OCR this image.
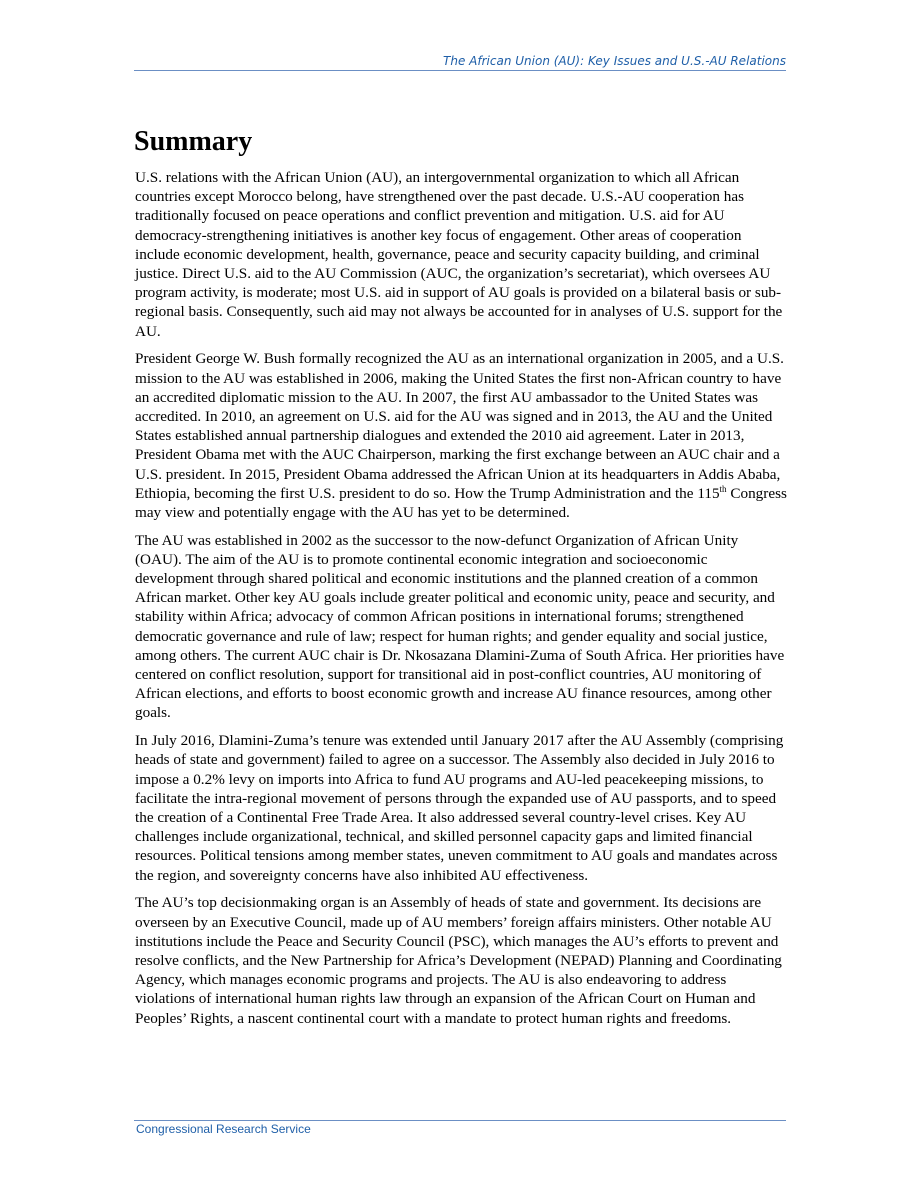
The African Union (AU): Key Issues and U.S.-AU Relations
Summary

U.S. relations with the African Union (AU), an intergovernmental organization to which all African countries except Morocco belong, have strengthened over the past decade. U.S.-AU cooperation has traditionally focused on peace operations and conflict prevention and mitigation. U.S. aid for AU democracy-strengthening initiatives is another key focus of engagement. Other areas of cooperation include economic development, health, governance, peace and security capacity building, and criminal justice. Direct U.S. aid to the AU Commission (AUC, the organization’s secretariat), which oversees AU program activity, is moderate; most U.S. aid in support of AU goals is provided on a bilateral basis or sub-regional basis. Consequently, such aid may not always be accounted for in analyses of U.S. support for the AU.

President George W. Bush formally recognized the AU as an international organization in 2005, and a U.S. mission to the AU was established in 2006, making the United States the first non-African country to have an accredited diplomatic mission to the AU. In 2007, the first AU ambassador to the United States was accredited. In 2010, an agreement on U.S. aid for the AU was signed and in 2013, the AU and the United States established annual partnership dialogues and extended the 2010 aid agreement. Later in 2013, President Obama met with the AUC Chairperson, marking the first exchange between an AUC chair and a U.S. president. In 2015, President Obama addressed the African Union at its headquarters in Addis Ababa, Ethiopia, becoming the first U.S. president to do so. How the Trump Administration and the 115th Congress may view and potentially engage with the AU has yet to be determined.

The AU was established in 2002 as the successor to the now-defunct Organization of African Unity (OAU). The aim of the AU is to promote continental economic integration and socioeconomic development through shared political and economic institutions and the planned creation of a common African market. Other key AU goals include greater political and economic unity, peace and security, and stability within Africa; advocacy of common African positions in international forums; strengthened democratic governance and rule of law; respect for human rights; and gender equality and social justice, among others. The current AUC chair is Dr. Nkosazana Dlamini-Zuma of South Africa. Her priorities have centered on conflict resolution, support for transitional aid in post-conflict countries, AU monitoring of African elections, and efforts to boost economic growth and increase AU finance resources, among other goals.

In July 2016, Dlamini-Zuma’s tenure was extended until January 2017 after the AU Assembly (comprising heads of state and government) failed to agree on a successor. The Assembly also decided in July 2016 to impose a 0.2% levy on imports into Africa to fund AU programs and AU-led peacekeeping missions, to facilitate the intra-regional movement of persons through the expanded use of AU passports, and to speed the creation of a Continental Free Trade Area. It also addressed several country-level crises. Key AU challenges include organizational, technical, and skilled personnel capacity gaps and limited financial resources. Political tensions among member states, uneven commitment to AU goals and mandates across the region, and sovereignty concerns have also inhibited AU effectiveness.

The AU’s top decisionmaking organ is an Assembly of heads of state and government. Its decisions are overseen by an Executive Council, made up of AU members’ foreign affairs ministers. Other notable AU institutions include the Peace and Security Council (PSC), which manages the AU’s efforts to prevent and resolve conflicts, and the New Partnership for Africa’s Development (NEPAD) Planning and Coordinating Agency, which manages economic programs and projects. The AU is also endeavoring to address violations of international human rights law through an expansion of the African Court on Human and Peoples’ Rights, a nascent continental court with a mandate to protect human rights and freedoms.

Congressional Research Service
